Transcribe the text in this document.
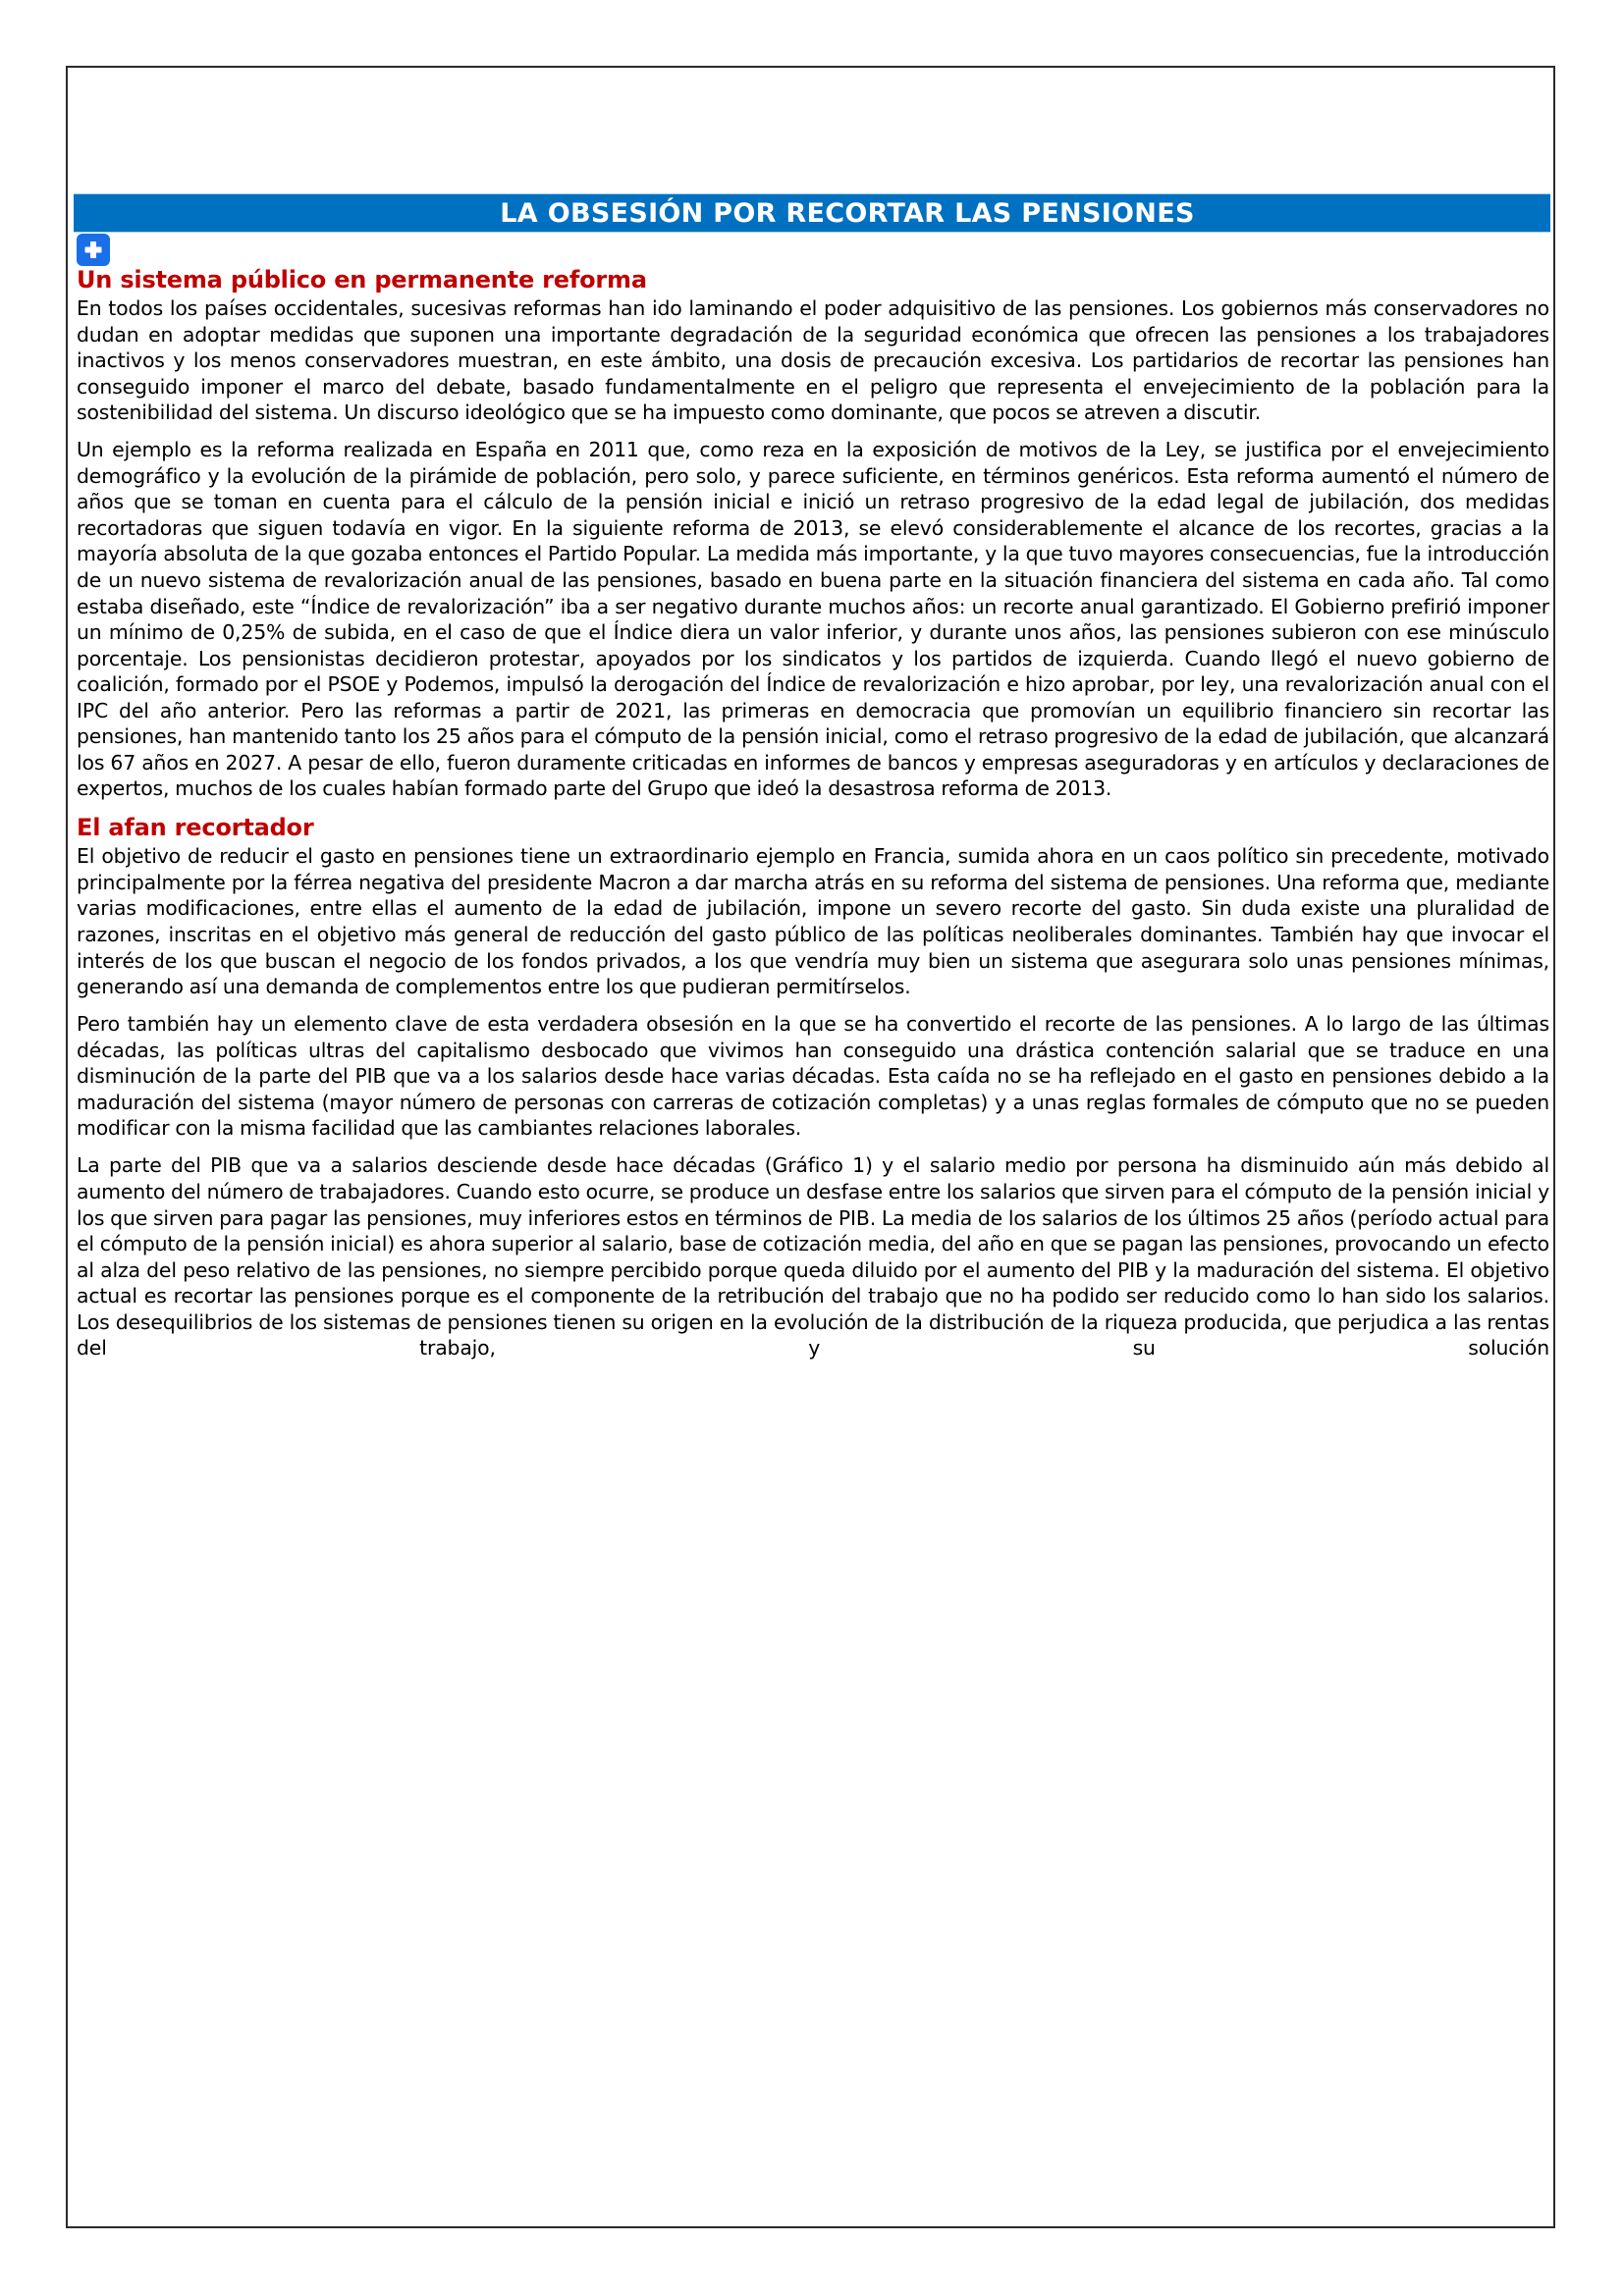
LA OBSESIÓN POR RECORTAR LAS PENSIONES
Un sistema público en permanente reforma

En todos los países occidentales, sucesivas reformas han ido laminando el poder adquisitivo de las pensiones. Los gobiernos más conservadores no dudan en adoptar medidas que suponen una importante degradación de la seguridad económica que ofrecen las pensiones a los trabajadores inactivos y los menos conservadores muestran, en este ámbito, una dosis de precaución excesiva. Los partidarios de recortar las pensiones han conseguido imponer el marco del debate, basado fundamentalmente en el peligro que representa el envejecimiento de la población para la sostenibilidad del sistema. Un discurso ideológico que se ha impuesto como dominante, que pocos se atreven a discutir.

Un ejemplo es la reforma realizada en España en 2011 que, como reza en la exposición de motivos de la Ley, se justifica por el envejecimiento demográfico y la evolución de la pirámide de población, pero solo, y parece suficiente, en términos genéricos. Esta reforma aumentó el número de años que se toman en cuenta para el cálculo de la pensión inicial e inició un retraso progresivo de la edad legal de jubilación, dos medidas recortadoras que siguen todavía en vigor. En la siguiente reforma de 2013, se elevó considerablemente el alcance de los recortes, gracias a la mayoría absoluta de la que gozaba entonces el Partido Popular. La medida más importante, y la que tuvo mayores consecuencias, fue la introducción de un nuevo sistema de revalorización anual de las pensiones, basado en buena parte en la situación financiera del sistema en cada año. Tal como estaba diseñado, este “Índice de revalorización” iba a ser negativo durante muchos años: un recorte anual garantizado. El Gobierno prefirió imponer un mínimo de 0,25% de subida, en el caso de que el Índice diera un valor inferior, y durante unos años, las pensiones subieron con ese minúsculo porcentaje. Los pensionistas decidieron protestar, apoyados por los sindicatos y los partidos de izquierda. Cuando llegó el nuevo gobierno de coalición, formado por el PSOE y Podemos, impulsó la derogación del Índice de revalorización e hizo aprobar, por ley, una revalorización anual con el IPC del año anterior. Pero las reformas a partir de 2021, las primeras en democracia que promovían un equilibrio financiero sin recortar las pensiones, han mantenido tanto los 25 años para el cómputo de la pensión inicial, como el retraso progresivo de la edad de jubilación, que alcanzará los 67 años en 2027. A pesar de ello, fueron duramente criticadas en informes de bancos y empresas aseguradoras y en artículos y declaraciones de expertos, muchos de los cuales habían formado parte del Grupo que ideó la desastrosa reforma de 2013.

El afan recortador

El objetivo de reducir el gasto en pensiones tiene un extraordinario ejemplo en Francia, sumida ahora en un caos político sin precedente, motivado principalmente por la férrea negativa del presidente Macron a dar marcha atrás en su reforma del sistema de pensiones. Una reforma que, mediante varias modificaciones, entre ellas el aumento de la edad de jubilación, impone un severo recorte del gasto. Sin duda existe una pluralidad de razones, inscritas en el objetivo más general de reducción del gasto público de las políticas neoliberales dominantes. También hay que invocar el interés de los que buscan el negocio de los fondos privados, a los que vendría muy bien un sistema que asegurara solo unas pensiones mínimas, generando así una demanda de complementos entre los que pudieran permitírselos.

Pero también hay un elemento clave de esta verdadera obsesión en la que se ha convertido el recorte de las pensiones. A lo largo de las últimas décadas, las políticas ultras del capitalismo desbocado que vivimos han conseguido una drástica contención salarial que se traduce en una disminución de la parte del PIB que va a los salarios desde hace varias décadas. Esta caída no se ha reflejado en el gasto en pensiones debido a la maduración del sistema (mayor número de personas con carreras de cotización completas) y a unas reglas formales de cómputo que no se pueden modificar con la misma facilidad que las cambiantes relaciones laborales.

La parte del PIB que va a salarios desciende desde hace décadas (Gráfico 1) y el salario medio por persona ha disminuido aún más debido al aumento del número de trabajadores. Cuando esto ocurre, se produce un desfase entre los salarios que sirven para el cómputo de la pensión inicial y los que sirven para pagar las pensiones, muy inferiores estos en términos de PIB. La media de los salarios de los últimos 25 años (período actual para el cómputo de la pensión inicial) es ahora superior al salario, base de cotización media, del año en que se pagan las pensiones, provocando un efecto al alza del peso relativo de las pensiones, no siempre percibido porque queda diluido por el aumento del PIB y la maduración del sistema. El objetivo actual es recortar las pensiones porque es el componente de la retribución del trabajo que no ha podido ser reducido como lo han sido los salarios. Los desequilibrios de los sistemas de pensiones tienen su origen en la evolución de la distribución de la riqueza producida, que perjudica a las rentas del trabajo, y su solución
